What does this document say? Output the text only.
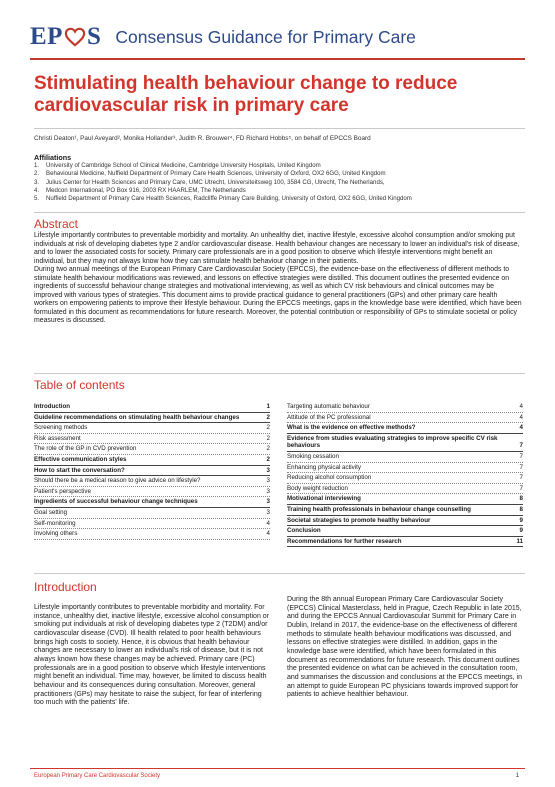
EP S Consensus Guidance for Primary Care
Stimulating health behaviour change to reduce
cardiovascular risk in primary care
Christi Deaton¹, Paul Aveyard², Monika Hollander³, Judith R. Brouwer⁴, FD Richard Hobbs⁵, on behalf of EPCCS Board
Affiliations
1. University of Cambridge School of Clinical Medicine, Cambridge University Hospitals, United Kingdom
2. Behavioural Medicine, Nuffield Department of Primary Care Health Sciences, University of Oxford, OX2 6GG, United Kingdom
3. Julius Center for Health Sciences and Primary Care, UMC Utrecht, Universiteitsweg 100, 3584 CG, Utrecht, The Netherlands,
4. Medcon International, PO Box 916, 2003 RX HAARLEM, The Netherlands
5. Nuffield Department of Primary Care Health Sciences, Radcliffe Primary Care Building, University of Oxford, OX2 6GG, United Kingdom
Abstract

Lifestyle importantly contributes to preventable morbidity and mortality. An unhealthy diet, inactive lifestyle, excessive alcohol consumption and/or smoking put individuals at risk of developing diabetes type 2 and/or cardiovascular disease. Health behaviour changes are necessary to lower an individual's risk of disease, and to lower the associated costs for society. Primary care professionals are in a good position to observe which lifestyle interventions might benefit an individual, but they may not always know how they can stimulate health behaviour change in their patients.

During two annual meetings of the European Primary Care Cardiovascular Society (EPCCS), the evidence-base on the effectiveness of different methods to stimulate health behaviour modifications was reviewed, and lessons on effective strategies were distilled. This document outlines the presented evidence on ingredients of successful behaviour change strategies and motivational interviewing, as well as which CV risk behaviours and clinical outcomes may be improved with various types of strategies. This document aims to provide practical guidance to general practitioners (GPs) and other primary care health workers on empowering patients to improve their lifestyle behaviour. During the EPCCS meetings, gaps in the knowledge base were identified, which have been formulated in this document as recommendations for future research. Moreover, the potential contribution or responsibility of GPs to stimulate societal or policy measures is discussed.

Table of contents
Introduction	1
Guideline recommendations on stimulating health behaviour changes	2
Screening methods	2
Risk assessment	2
The role of the GP in CVD prevention	2
Effective communication styles	2
How to start the conversation?	3
Should there be a medical reason to give advice on lifestyle?	3
Patient's perspective	3
Ingredients of successful behaviour change techniques	3
Goal setting	3
Self-monitoring	4
Involving others	4
Targeting automatic behaviour	4
Attitude of the PC professional	4
What is the evidence on effective methods?	4
Evidence from studies evaluating strategies to improve specific CV risk behaviours	7
Smoking cessation	7
Enhancing physical activity	7
Reducing alcohol consumption	7
Body weight reduction	7
Motivational interviewing	8
Training health professionals in behaviour change counselling	8
Societal strategies to promote healthy behaviour	9
Conclusion	9
Recommendations for further research	11
Introduction
Lifestyle importantly contributes to preventable morbidity and mortality. For instance, unhealthy diet, inactive lifestyle, excessive alcohol consumption or smoking put individuals at risk of developing diabetes type 2 (T2DM) and/or cardiovascular disease (CVD). Ill health related to poor health behaviours brings high costs to society. Hence, it is obvious that health behaviour changes are necessary to lower an individual's risk of disease, but it is not always known how these changes may be achieved. Primary care (PC) professionals are in a good position to observe which lifestyle interventions might benefit an individual. Time may, however, be limited to discuss health behaviour and its consequences during consultation. Moreover, general practitioners (GPs) may hesitate to raise the subject, for fear of interfering too much with the patients' life.
During the 8th annual European Primary Care Cardiovascular Society (EPCCS) Clinical Masterclass, held in Prague, Czech Republic in late 2015, and during the EPCCS Annual Cardiovascular Summit for Primary Care in Dublin, Ireland in 2017, the evidence-base on the effectiveness of different methods to stimulate health behaviour modifications was discussed, and lessons on effective strategies were distilled. In addition, gaps in the knowledge base were identified, which have been formulated in this document as recommendations for future research. This document outlines the presented evidence on what can be achieved in the consultation room, and summarises the discussion and conclusions at the EPCCS meetings, in an attempt to guide European PC physicians towards improved support for patients to achieve healthier behaviour.
European Primary Care Cardiovascular Society	1
